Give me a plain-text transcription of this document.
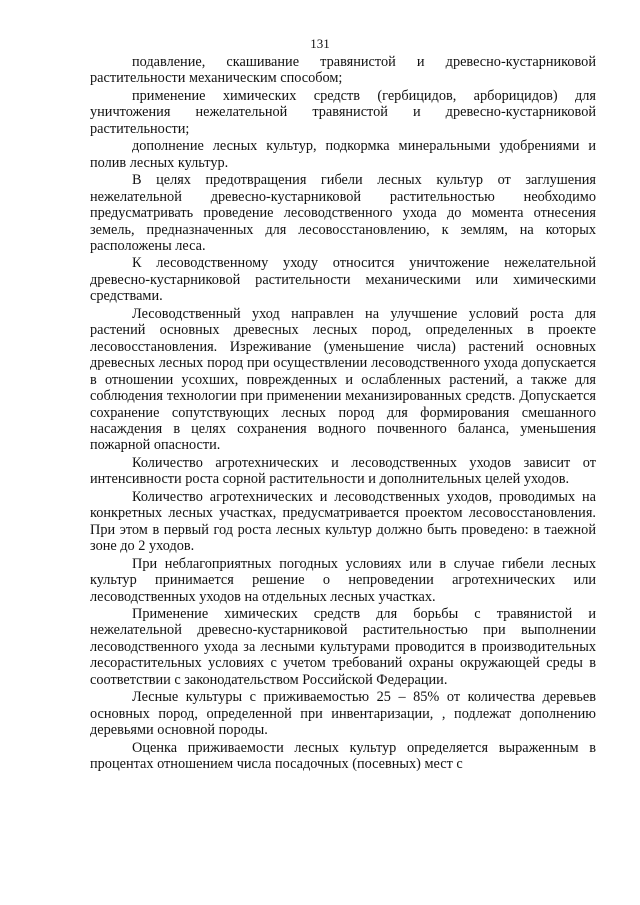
131

подавление, скашивание травянистой и древесно-кустарниковой растительности механическим способом;

применение химических средств (гербицидов, арборицидов) для уничтожения нежелательной травянистой и древесно-кустарниковой растительности;

дополнение лесных культур, подкормка минеральными удобрениями и полив лесных культур.

В целях предотвращения гибели лесных культур от заглушения нежелательной древесно-кустарниковой растительностью необходимо предусматривать проведение лесоводственного ухода до момента отнесения земель, предназначенных для лесовосстановлению, к землям, на которых расположены леса.

К лесоводственному уходу относится уничтожение нежелательной древесно-кустарниковой растительности механическими или химическими средствами.

Лесоводственный уход направлен на улучшение условий роста для растений основных древесных лесных пород, определенных в проекте лесовосстановления. Изреживание (уменьшение числа) растений основных древесных лесных пород при осуществлении лесоводственного ухода допускается в отношении усохших, поврежденных и ослабленных растений, а также для соблюдения технологии при применении механизированных средств. Допускается сохранение сопутствующих лесных пород для формирования смешанного насаждения в целях сохранения водного почвенного баланса, уменьшения пожарной опасности.

Количество агротехнических и лесоводственных уходов зависит от интенсивности роста сорной растительности и дополнительных целей уходов.

Количество агротехнических и лесоводственных уходов, проводимых на конкретных лесных участках, предусматривается проектом лесовосстановления. При этом в первый год роста лесных культур должно быть проведено: в таежной зоне до 2 уходов.

При неблагоприятных погодных условиях или в случае гибели лесных культур принимается решение о непроведении агротехнических или лесоводственных уходов на отдельных лесных участках.

Применение химических средств для борьбы с травянистой и нежелательной древесно-кустарниковой растительностью при выполнении лесоводственного ухода за лесными культурами проводится в производительных лесорастительных условиях с учетом требований охраны окружающей среды в соответствии с законодательством Российской Федерации.

Лесные культуры с приживаемостью 25 – 85% от количества деревьев основных пород, определенной при инвентаризации, , подлежат дополнению деревьями основной породы.

Оценка приживаемости лесных культур определяется выраженным в процентах отношением числа посадочных (посевных) мест с
